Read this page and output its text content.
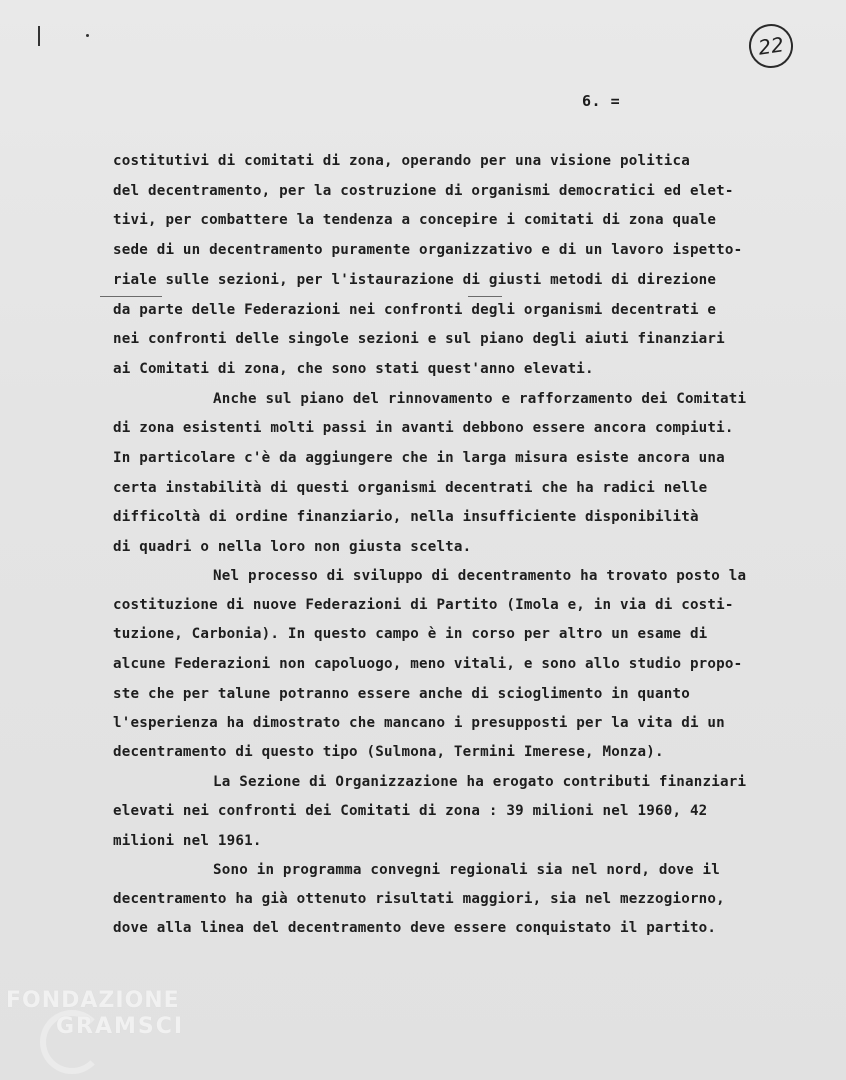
22
6. =
costitutivi di comitati di zona, operando per una visione politica
del decentramento, per la costruzione di organismi democratici ed elet-
tivi, per combattere la tendenza a concepire i comitati di zona quale
sede di un decentramento puramente organizzativo e di un lavoro ispetto-
riale sulle sezioni, per l'istaurazione di giusti metodi di direzione
da parte delle Federazioni nei confronti degli organismi decentrati e
nei confronti delle singole sezioni e sul piano degli aiuti finanziari
ai Comitati di zona, che sono stati quest'anno elevati.
Anche sul piano del rinnovamento e rafforzamento dei Comitati
di zona esistenti molti passi in avanti debbono essere ancora compiuti.
In particolare c'è da aggiungere che in larga misura esiste ancora una
certa instabilità di questi organismi decentrati che ha radici nelle
difficoltà di ordine finanziario, nella insufficiente disponibilità
di quadri o nella loro non giusta scelta.
Nel processo di sviluppo di decentramento ha trovato posto la
costituzione di nuove Federazioni di Partito (Imola e, in via di costi-
tuzione, Carbonia). In questo campo è in corso per altro un esame di
alcune Federazioni non capoluogo, meno vitali, e sono allo studio propo-
ste che per talune potranno essere anche di scioglimento in quanto
l'esperienza ha dimostrato che mancano i presupposti per la vita di un
decentramento di questo tipo (Sulmona, Termini Imerese, Monza).
La Sezione di Organizzazione ha erogato contributi finanziari
elevati nei confronti dei Comitati di zona : 39 milioni nel 1960, 42
milioni nel 1961.
Sono in programma convegni regionali sia nel nord, dove il
decentramento ha già ottenuto risultati maggiori, sia nel mezzogiorno,
dove alla linea del decentramento deve essere conquistato il partito.
FONDAZIONE
GRAMSCI
